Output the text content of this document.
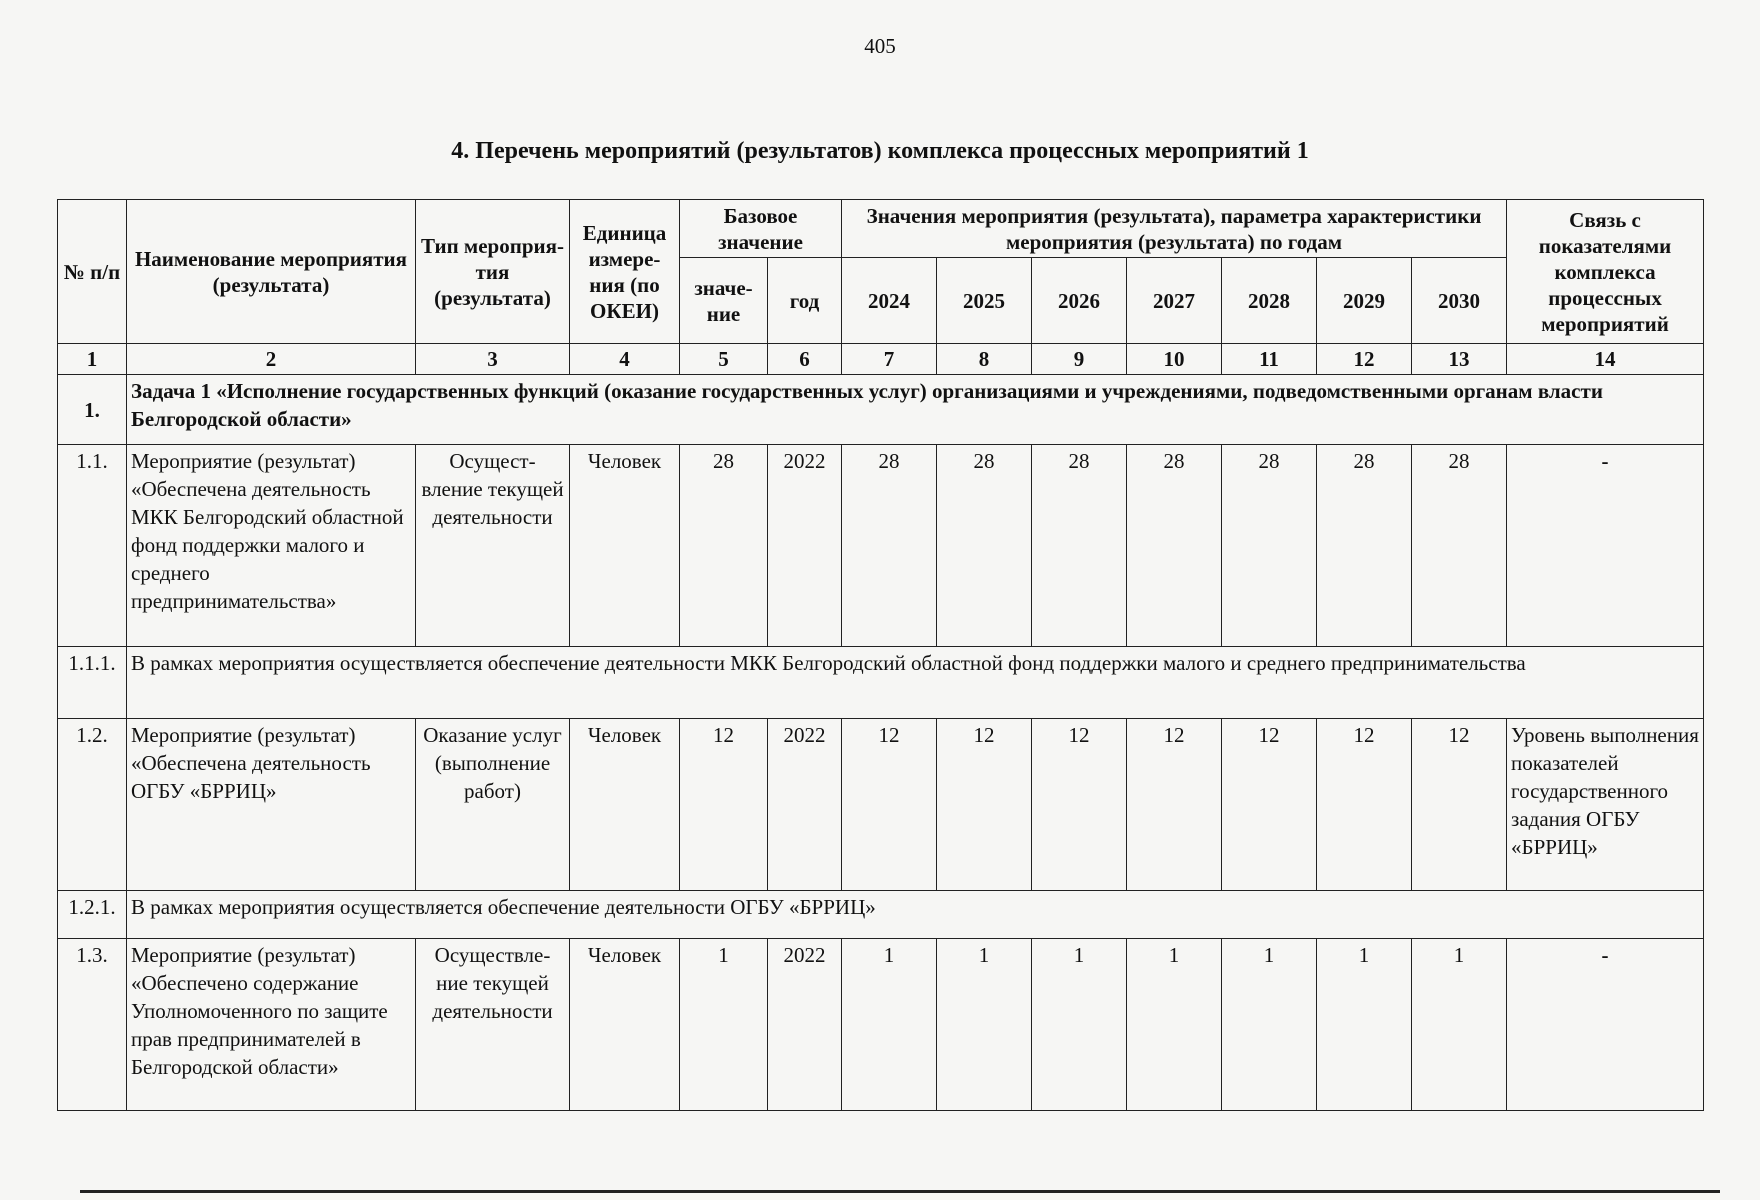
405
4. Перечень мероприятий (результатов) комплекса процессных мероприятий 1
№ п/п	Наименование мероприятия (результата)	Тип мероприя-тия (результата)	Единица измере-ния (по ОКЕИ)	Базовое значение		Значения мероприятия (результата), параметра характеристики мероприятия (результата) по годам							Связь с показателями комплекса процессных мероприятий
				значе-ние	год	2024	2025	2026	2027	2028	2029	2030	
1	2	3	4	5	6	7	8	9	10	11	12	13	14
1.	Задача 1 «Исполнение государственных функций (оказание государственных услуг) организациями и учреждениями, подведомственными органам власти Белгородской области»												
1.1.	Мероприятие (результат) «Обеспечена деятельность МКК Белгородский областной фонд поддержки малого и среднего предпринимательства»	Осущест-вление текущей деятельности	Человек	28	2022	28	28	28	28	28	28	28	-
1.1.1.	В рамках мероприятия осуществляется обеспечение деятельности МКК Белгородский областной фонд поддержки малого и среднего предпринимательства												
1.2.	Мероприятие (результат) «Обеспечена деятельность ОГБУ «БРРИЦ»	Оказание услуг (выполнение работ)	Человек	12	2022	12	12	12	12	12	12	12	Уровень выполнения показателей государственного задания ОГБУ «БРРИЦ»
1.2.1.	В рамках мероприятия осуществляется обеспечение деятельности ОГБУ «БРРИЦ»												
1.3.	Мероприятие (результат) «Обеспечено содержание Уполномоченного по защите прав предпринимателей в Белгородской области»	Осуществле-ние текущей деятельности	Человек	1	2022	1	1	1	1	1	1	1	-
